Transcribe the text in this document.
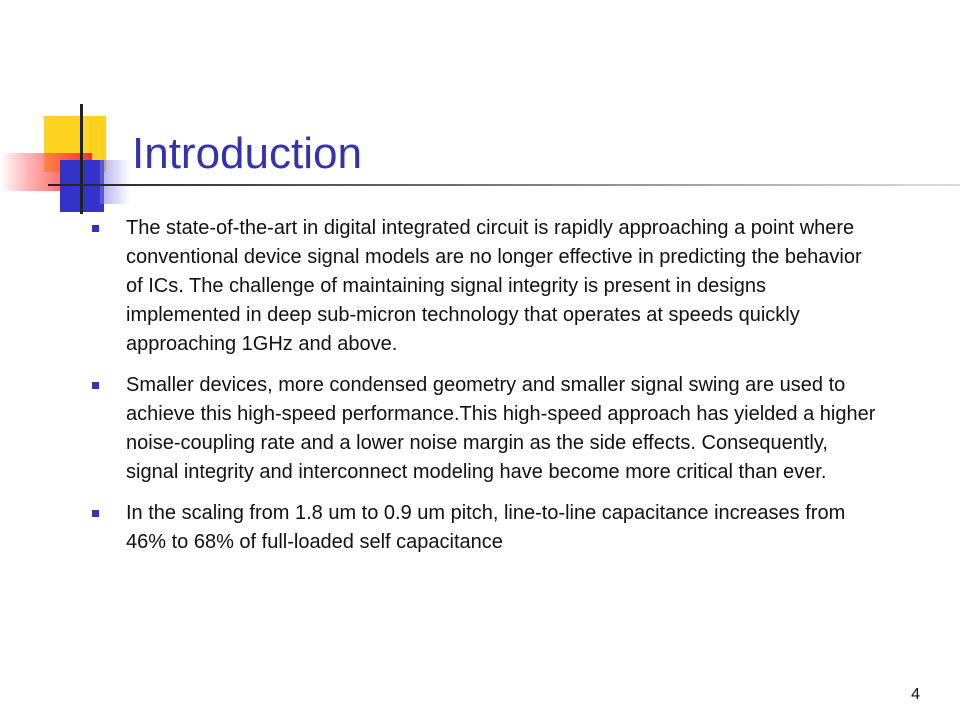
Introduction
The state-of-the-art in digital integrated circuit is rapidly approaching a point where conventional device signal models are no longer effective in predicting the behavior of ICs. The challenge of maintaining signal integrity is present in designs implemented in deep sub-micron technology that operates at speeds quickly approaching 1GHz and above.
Smaller devices, more condensed geometry and smaller signal swing are used to achieve this high-speed performance.This high-speed approach has yielded a higher noise-coupling rate and a lower noise margin as the side effects. Consequently, signal integrity and interconnect modeling have become more critical than ever.
In the scaling from 1.8 um to 0.9 um pitch, line-to-line capacitance increases from 46% to 68% of full-loaded self capacitance
4
